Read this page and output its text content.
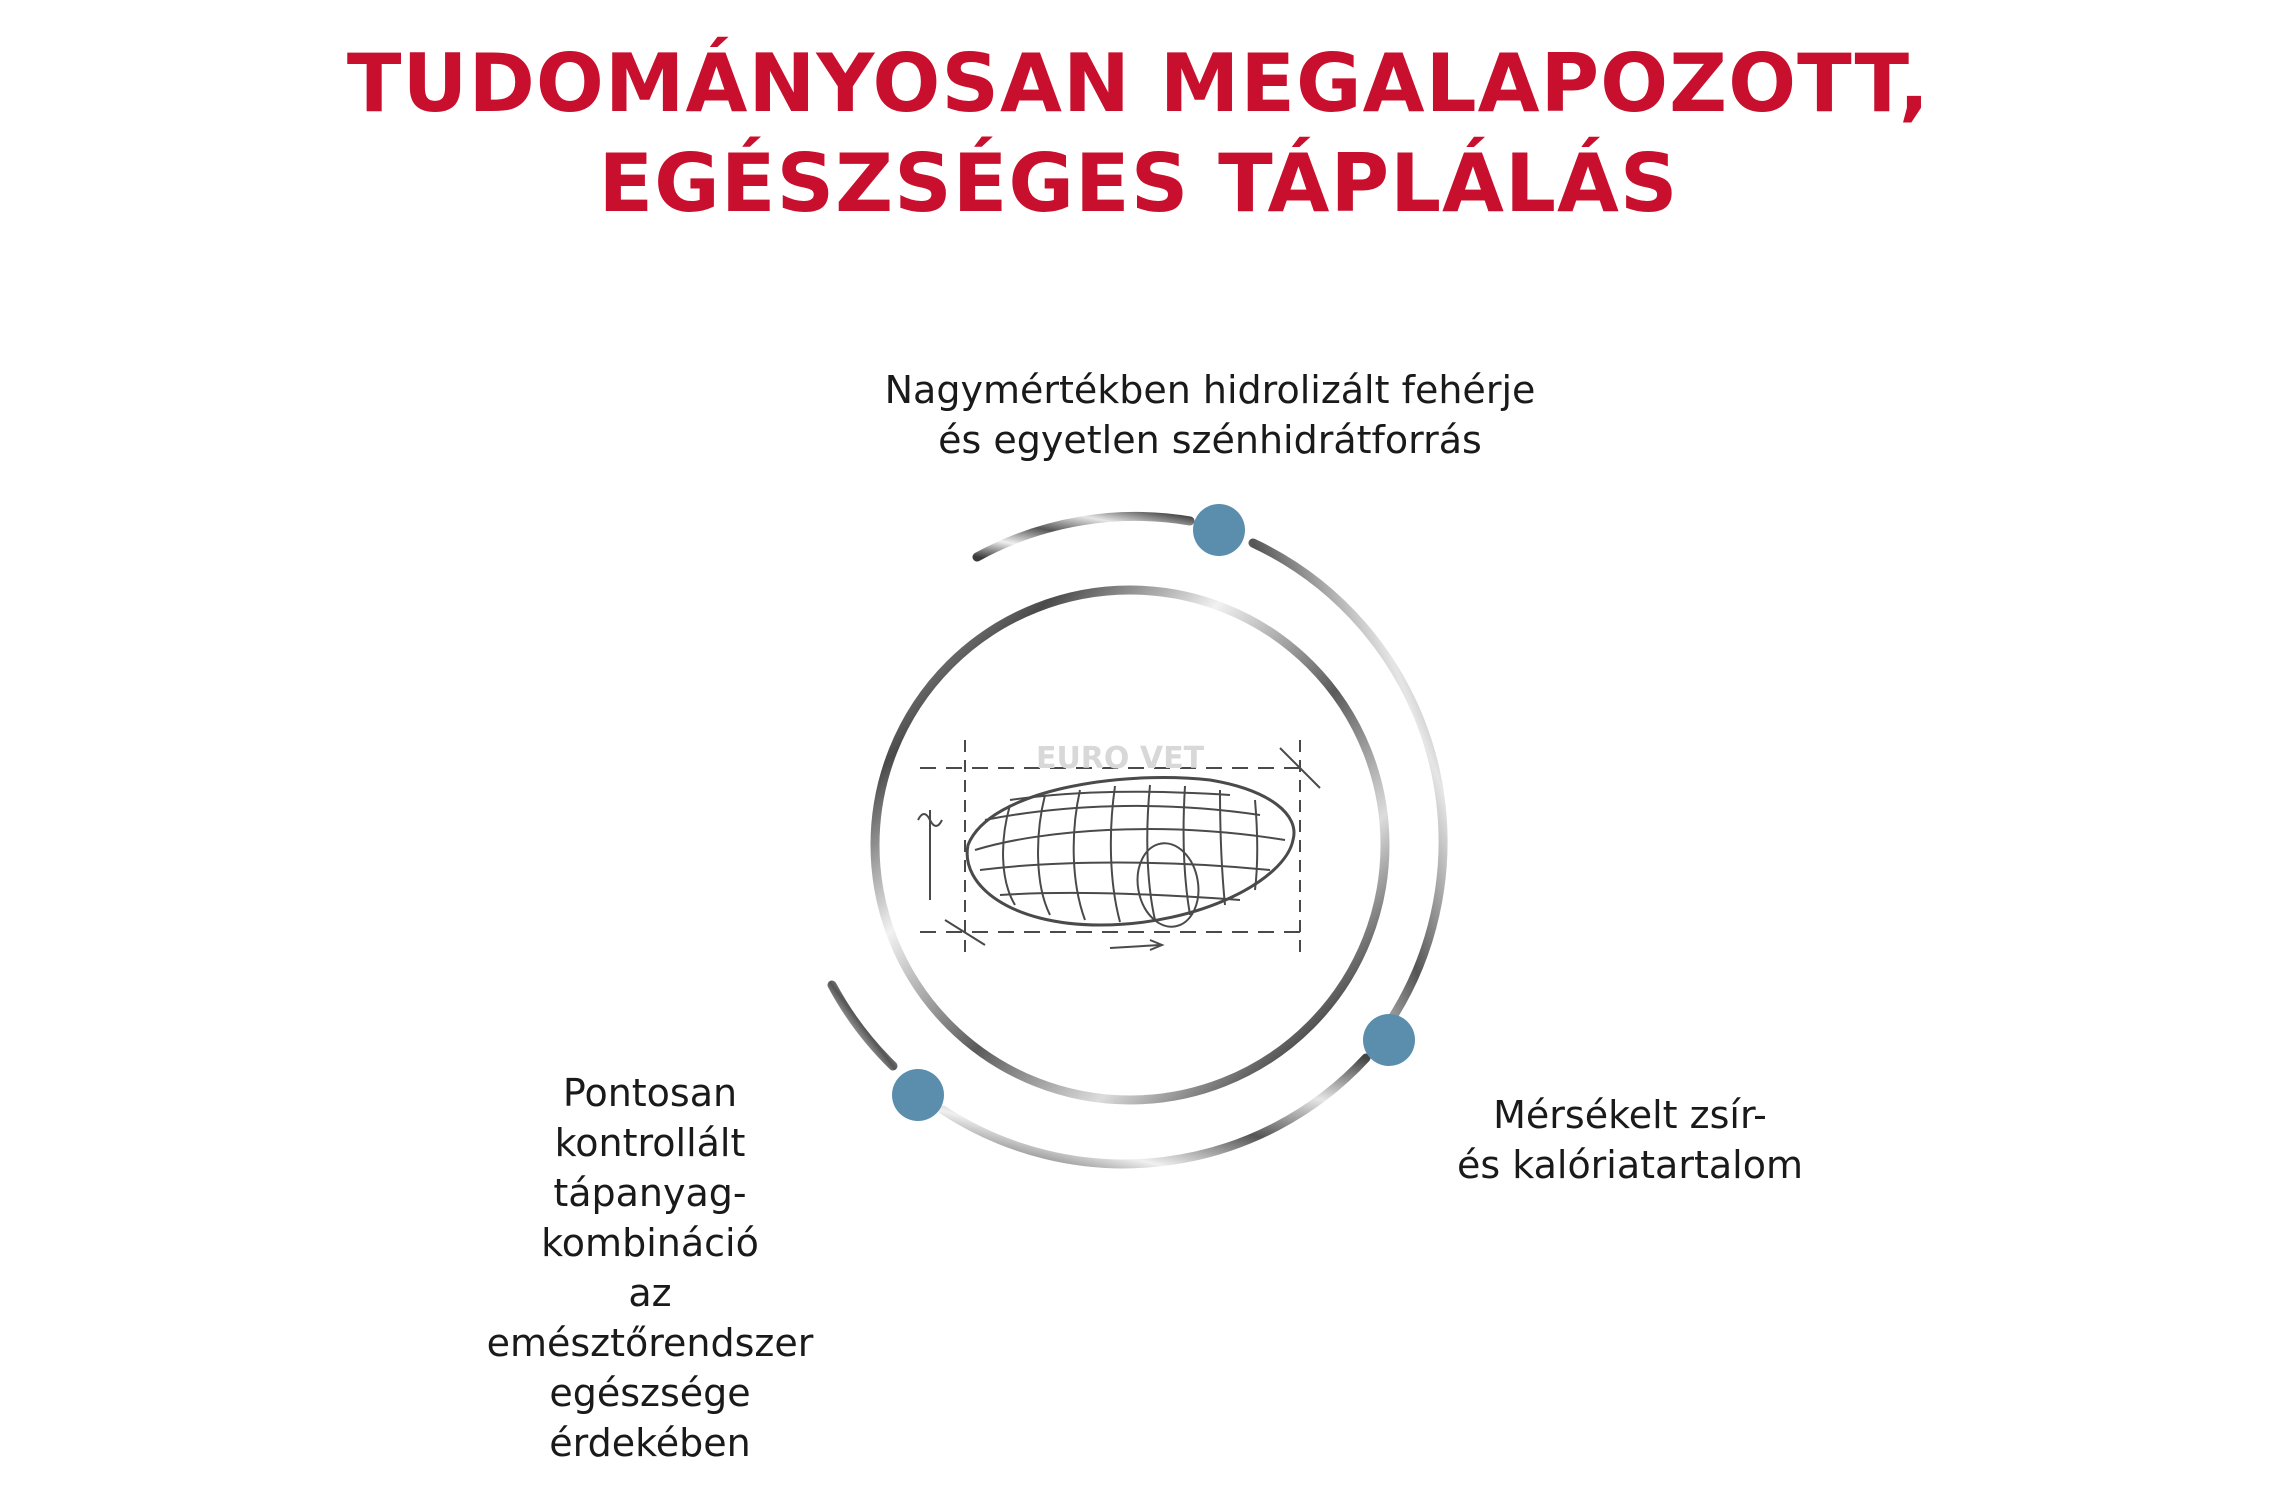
TUDOMÁNYOSAN MEGALAPOZOTT,
EGÉSZSÉGES TÁPLÁLÁS
EURO VET
Nagymértékben hidrolizált fehérje
és egyetlen szénhidrátforrás
Mérsékelt zsír-
és kalóriatartalom
Pontosan
kontrollált
tápanyag-
kombináció
az
emésztőrendszer
egészsége
érdekében
